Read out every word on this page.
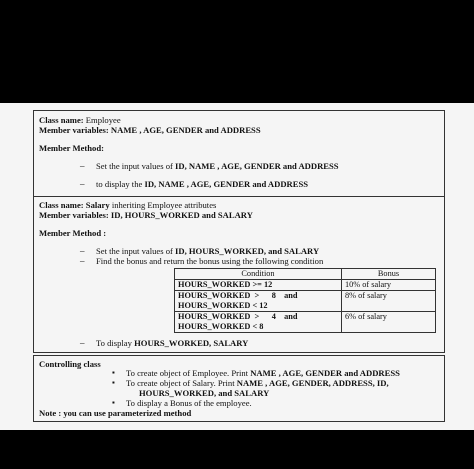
Class name: Employee
Member variables: NAME , AGE, GENDER and ADDRESS
Member Method:
– Set the input values of ID, NAME , AGE, GENDER and ADDRESS
– to display the ID, NAME , AGE, GENDER and ADDRESS
Class name: Salary inheriting Employee attributes
Member variables: ID, HOURS_WORKED and SALARY
Member Method :
– Set the input values of ID, HOURS_WORKED, and SALARY
– Find the bonus and return the bonus using the following condition
Condition	Bonus
HOURS_WORKED >= 12	10% of salary
HOURS_WORKED  >      8    and
HOURS_WORKED < 12	8% of salary
HOURS_WORKED  >      4    and
HOURS_WORKED < 8	6% of salary
– To display HOURS_WORKED, SALARY
Controlling class
▪ To create object of Employee. Print NAME , AGE, GENDER and ADDRESS
▪ To create object of Salary. Print NAME , AGE, GENDER, ADDRESS, ID,
HOURS_WORKED, and SALARY
▪ To display a Bonus of the employee.
Note : you can use parameterized method
